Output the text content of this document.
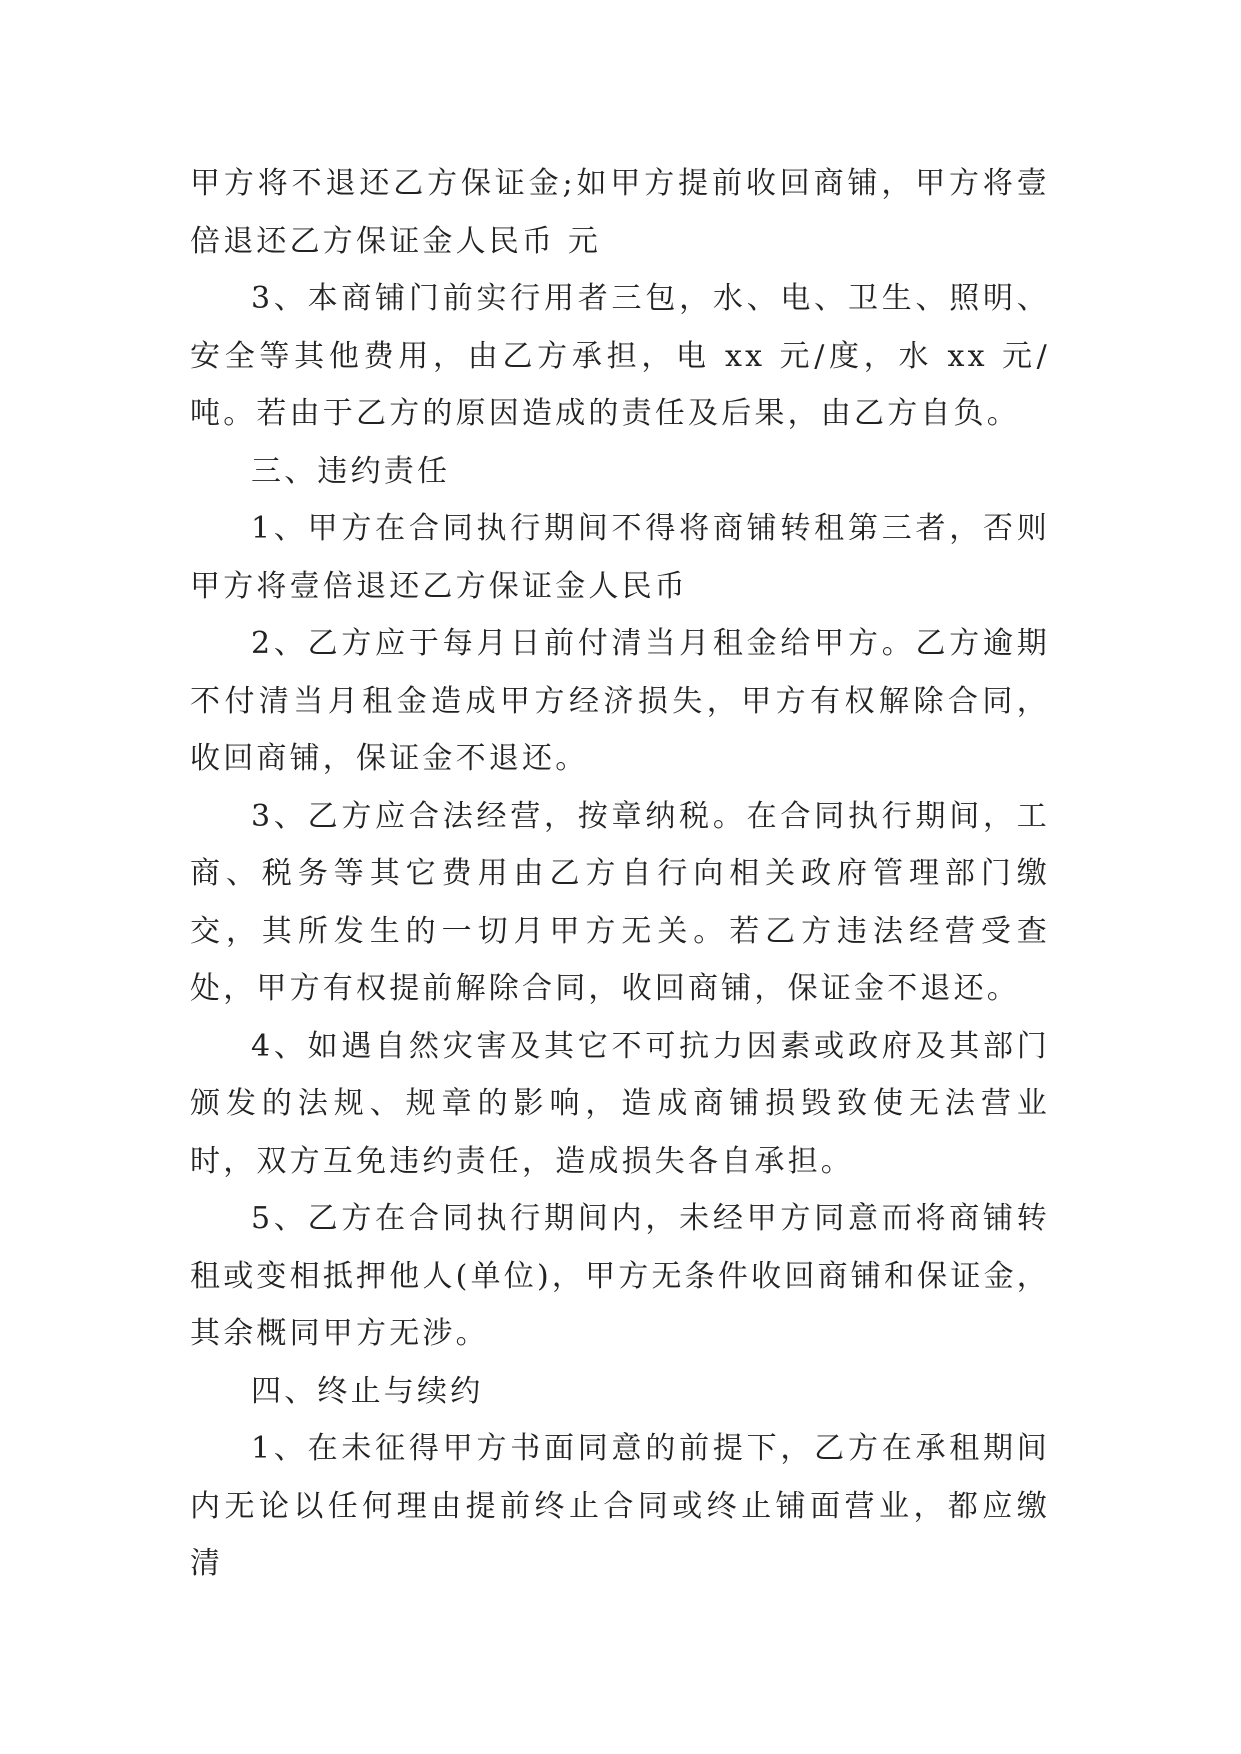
甲方将不退还乙方保证金;如甲方提前收回商铺，甲方将壹倍退还乙方保证金人民币 元

3、本商铺门前实行用者三包，水、电、卫生、照明、安全等其他费用，由乙方承担，电 xx 元/度，水 xx 元/吨。若由于乙方的原因造成的责任及后果，由乙方自负。

三、违约责任

1、甲方在合同执行期间不得将商铺转租第三者，否则甲方将壹倍退还乙方保证金人民币

2、乙方应于每月日前付清当月租金给甲方。乙方逾期不付清当月租金造成甲方经济损失，甲方有权解除合同，收回商铺，保证金不退还。

3、乙方应合法经营，按章纳税。在合同执行期间，工商、税务等其它费用由乙方自行向相关政府管理部门缴交，其所发生的一切月甲方无关。若乙方违法经营受查处，甲方有权提前解除合同，收回商铺，保证金不退还。

4、如遇自然灾害及其它不可抗力因素或政府及其部门颁发的法规、规章的影响，造成商铺损毁致使无法营业时，双方互免违约责任，造成损失各自承担。

5、乙方在合同执行期间内，未经甲方同意而将商铺转租或变相抵押他人(单位)，甲方无条件收回商铺和保证金，其余概同甲方无涉。

四、终止与续约

1、在未征得甲方书面同意的前提下，乙方在承租期间内无论以任何理由提前终止合同或终止铺面营业，都应缴清
